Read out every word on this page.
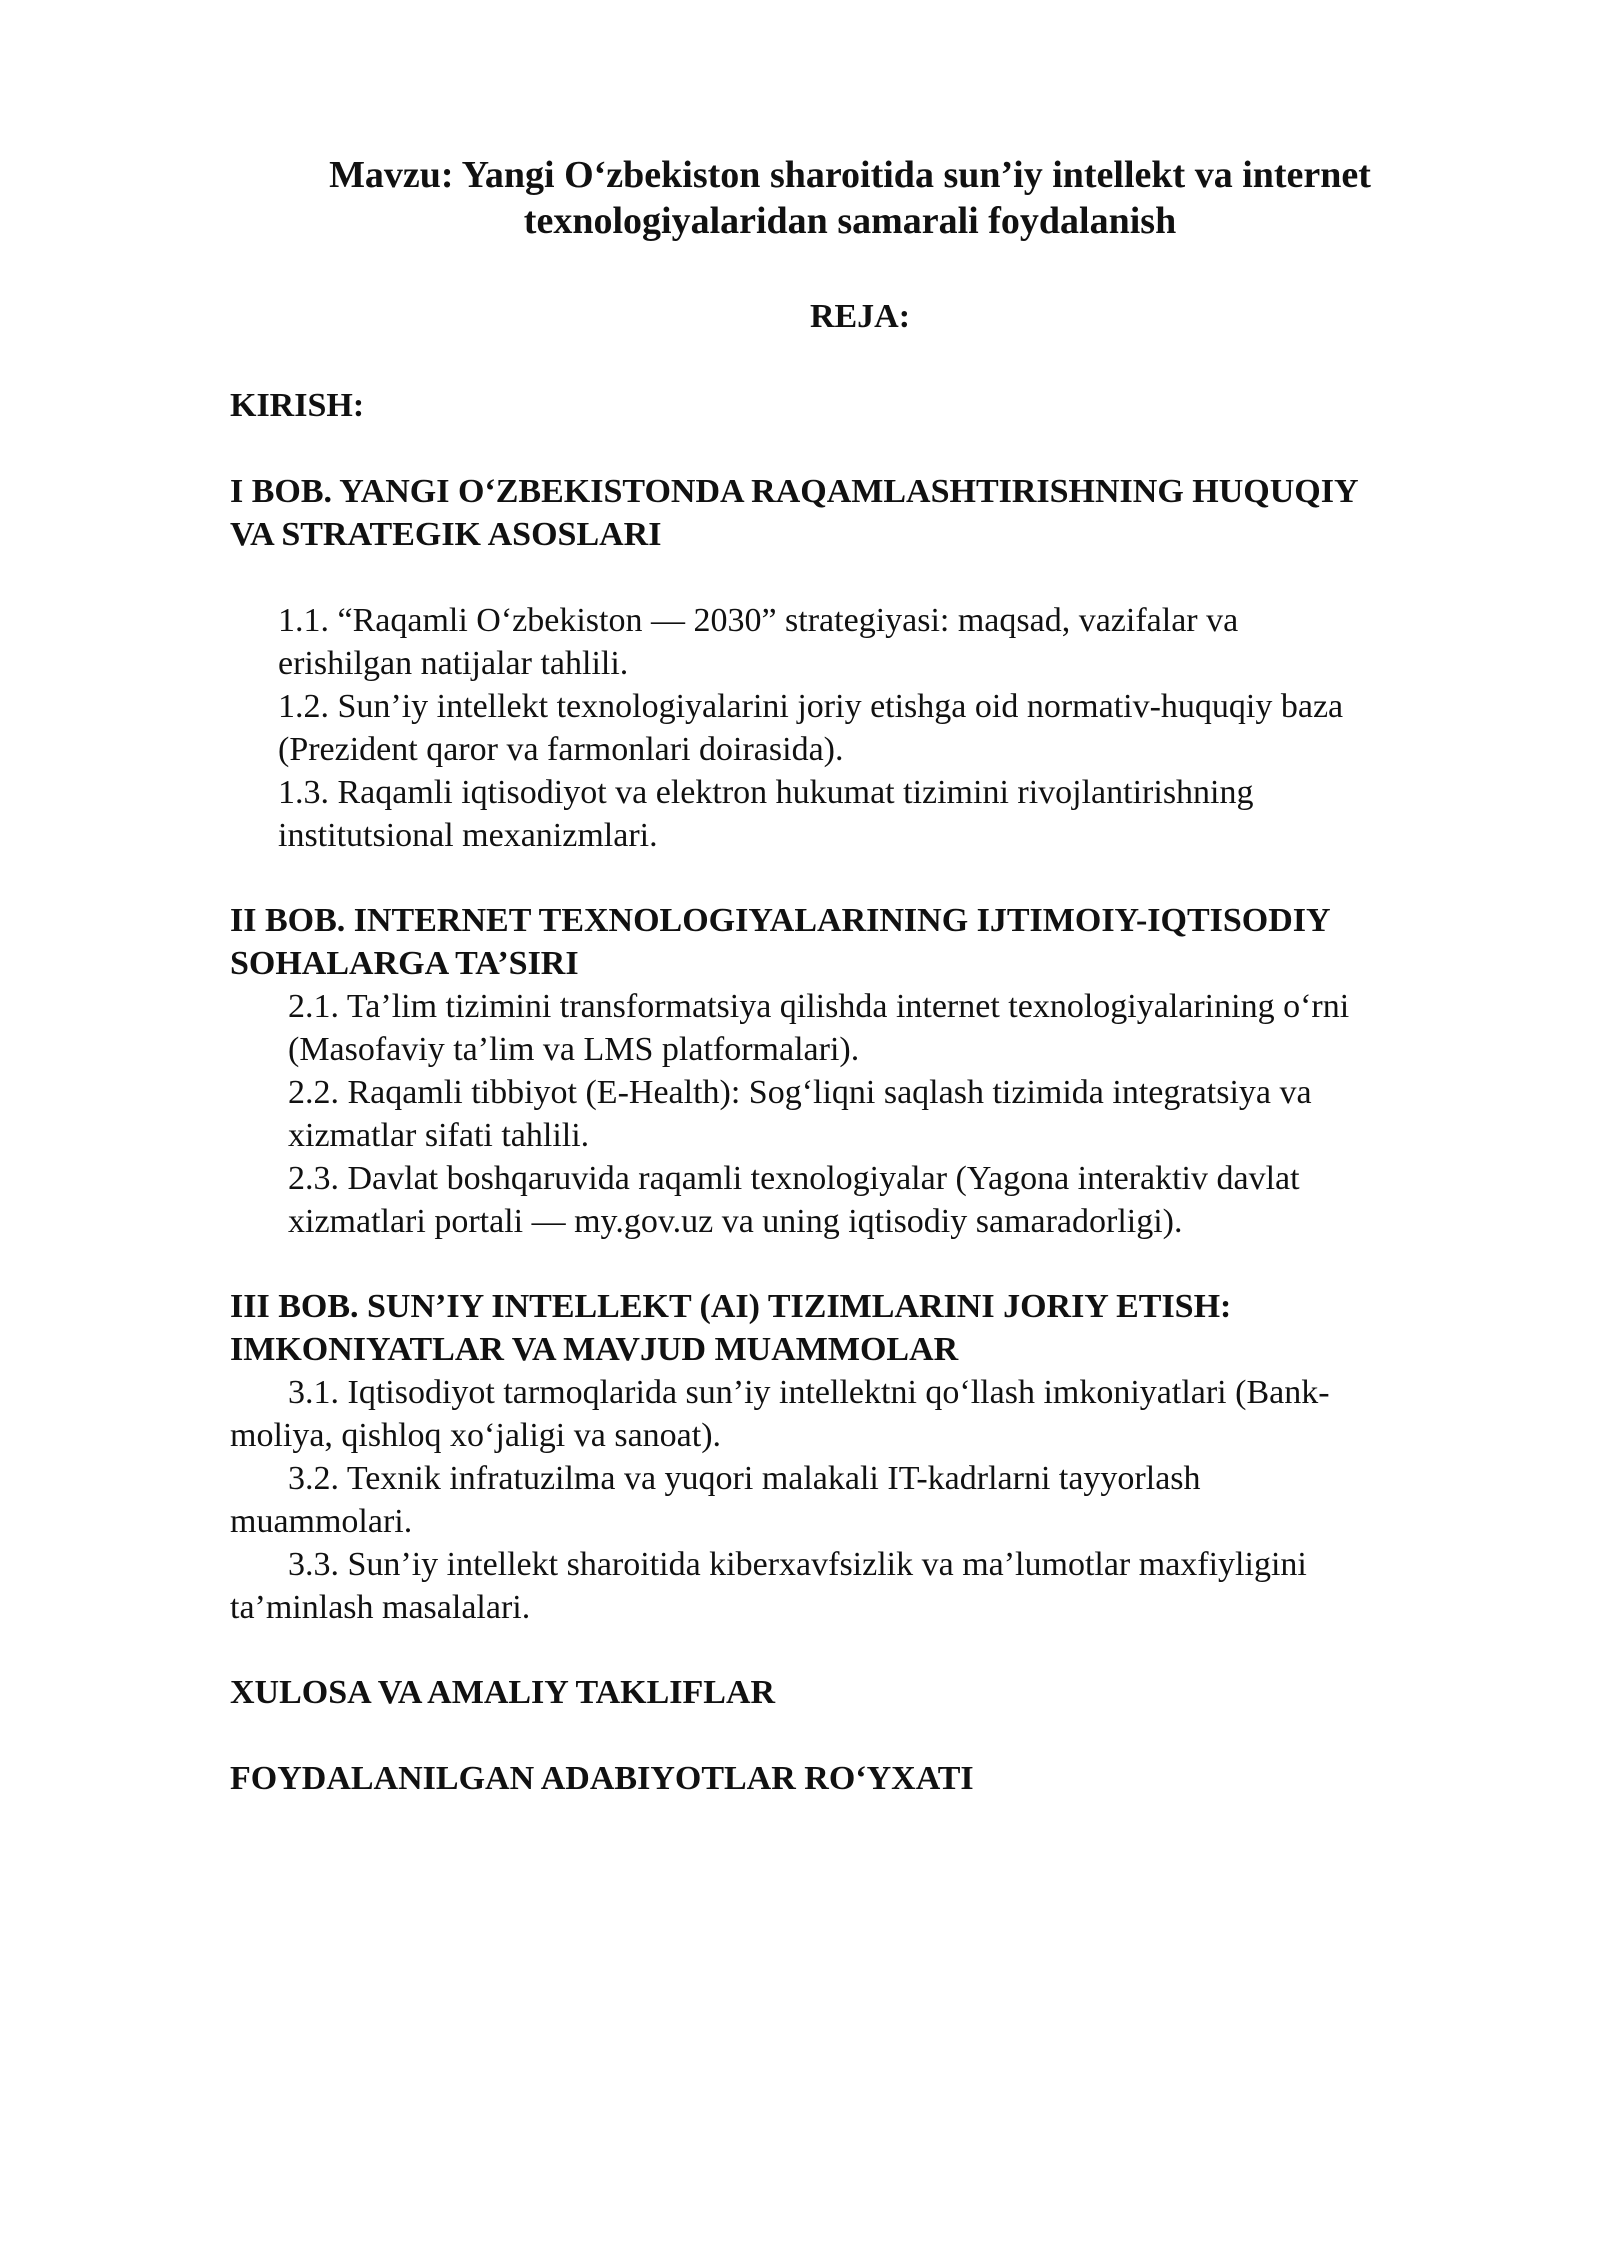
Mavzu: Yangi O‘zbekiston sharoitida sun’iy intellekt va internet
texnologiyalaridan samarali foydalanish
REJA:
KIRISH:
I BOB. YANGI O‘ZBEKISTONDA RAQAMLASHTIRISHNING HUQUQIY
VA STRATEGIK ASOSLARI
1.1. “Raqamli O‘zbekiston — 2030” strategiyasi: maqsad, vazifalar va
erishilgan natijalar tahlili.
1.2. Sun’iy intellekt texnologiyalarini joriy etishga oid normativ-huquqiy baza
(Prezident qaror va farmonlari doirasida).
1.3. Raqamli iqtisodiyot va elektron hukumat tizimini rivojlantirishning
institutsional mexanizmlari.
II BOB. INTERNET TEXNOLOGIYALARINING IJTIMOIY-IQTISODIY
SOHALARGA TA’SIRI
2.1. Ta’lim tizimini transformatsiya qilishda internet texnologiyalarining o‘rni
(Masofaviy ta’lim va LMS platformalari).
2.2. Raqamli tibbiyot (E-Health): Sog‘liqni saqlash tizimida integratsiya va
xizmatlar sifati tahlili.
2.3. Davlat boshqaruvida raqamli texnologiyalar (Yagona interaktiv davlat
xizmatlari portali — my.gov.uz va uning iqtisodiy samaradorligi).
III BOB. SUN’IY INTELLEKT (AI) TIZIMLARINI JORIY ETISH:
IMKONIYATLAR VA MAVJUD MUAMMOLAR
3.1. Iqtisodiyot tarmoqlarida sun’iy intellektni qo‘llash imkoniyatlari (Bank-
moliya, qishloq xo‘jaligi va sanoat).
3.2. Texnik infratuzilma va yuqori malakali IT-kadrlarni tayyorlash
muammolari.
3.3. Sun’iy intellekt sharoitida kiberxavfsizlik va ma’lumotlar maxfiyligini
ta’minlash masalalari.
XULOSA VA AMALIY TAKLIFLAR
FOYDALANILGAN ADABIYOTLAR RO‘YXATI
